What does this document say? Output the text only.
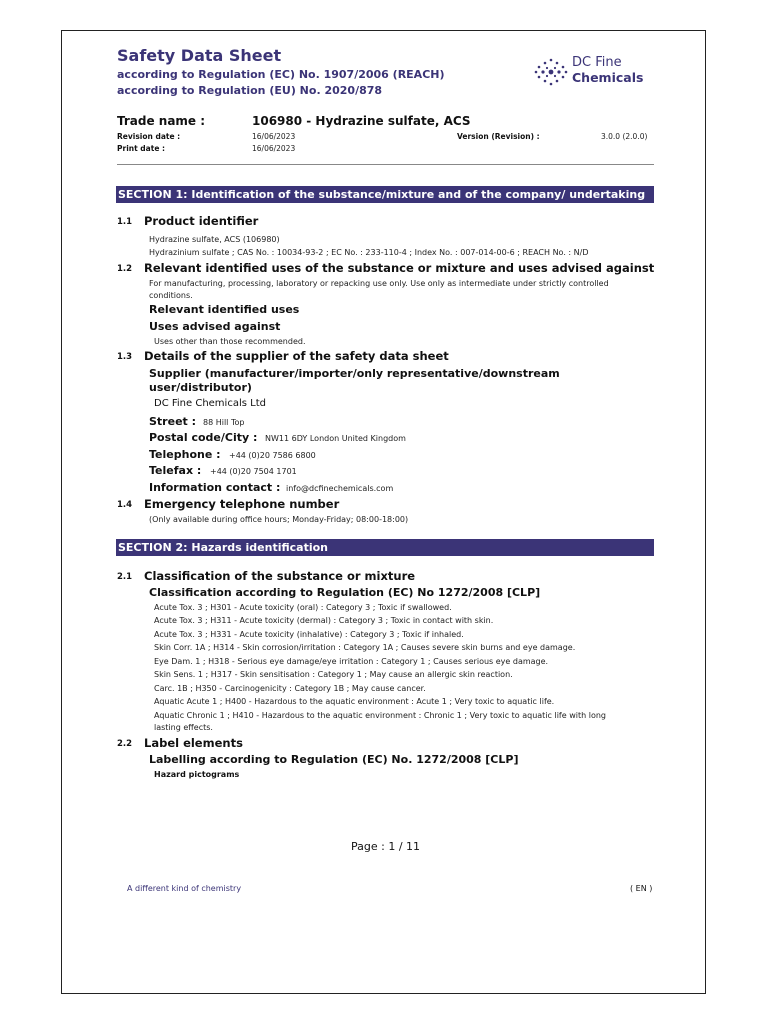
Safety Data Sheet
according to Regulation (EC) No. 1907/2006 (REACH)
according to Regulation (EU) No. 2020/878
DC Fine
Chemicals
Trade name :	106980 - Hydrazine sulfate, ACS
Revision date :	16/06/2023
Print date :	16/06/2023
Version (Revision) :	3.0.0 (2.0.0)
SECTION 1: Identification of the substance/mixture and of the company/ undertaking
1.1 Product identifier
Hydrazine sulfate, ACS (106980)
Hydrazinium sulfate ; CAS No. : 10034-93-2 ; EC No. : 233-110-4 ; Index No. : 007-014-00-6 ; REACH No. : N/D
1.2 Relevant identified uses of the substance or mixture and uses advised against
For manufacturing, processing, laboratory or repacking use only. Use only as intermediate under strictly controlled
conditions.
Relevant identified uses
Uses advised against
Uses other than those recommended.
1.3 Details of the supplier of the safety data sheet
Supplier (manufacturer/importer/only representative/downstream
user/distributor)
DC Fine Chemicals Ltd
Street : 88 Hill Top
Postal code/City : NW11 6DY London United Kingdom
Telephone : +44 (0)20 7586 6800
Telefax : +44 (0)20 7504 1701
Information contact : info@dcfinechemicals.com
1.4 Emergency telephone number
(Only available during office hours; Monday-Friday; 08:00-18:00)
SECTION 2: Hazards identification
2.1 Classification of the substance or mixture
Classification according to Regulation (EC) No 1272/2008 [CLP]
Acute Tox. 3 ; H301 - Acute toxicity (oral) : Category 3 ; Toxic if swallowed.
Acute Tox. 3 ; H311 - Acute toxicity (dermal) : Category 3 ; Toxic in contact with skin.
Acute Tox. 3 ; H331 - Acute toxicity (inhalative) : Category 3 ; Toxic if inhaled.
Skin Corr. 1A ; H314 - Skin corrosion/irritation : Category 1A ; Causes severe skin burns and eye damage.
Eye Dam. 1 ; H318 - Serious eye damage/eye irritation : Category 1 ; Causes serious eye damage.
Skin Sens. 1 ; H317 - Skin sensitisation : Category 1 ; May cause an allergic skin reaction.
Carc. 1B ; H350 - Carcinogenicity : Category 1B ; May cause cancer.
Aquatic Acute 1 ; H400 - Hazardous to the aquatic environment : Acute 1 ; Very toxic to aquatic life.
Aquatic Chronic 1 ; H410 - Hazardous to the aquatic environment : Chronic 1 ; Very toxic to aquatic life with long
lasting effects.
2.2 Label elements
Labelling according to Regulation (EC) No. 1272/2008 [CLP]
Hazard pictograms
Page : 1 / 11
A different kind of chemistry	( EN )
